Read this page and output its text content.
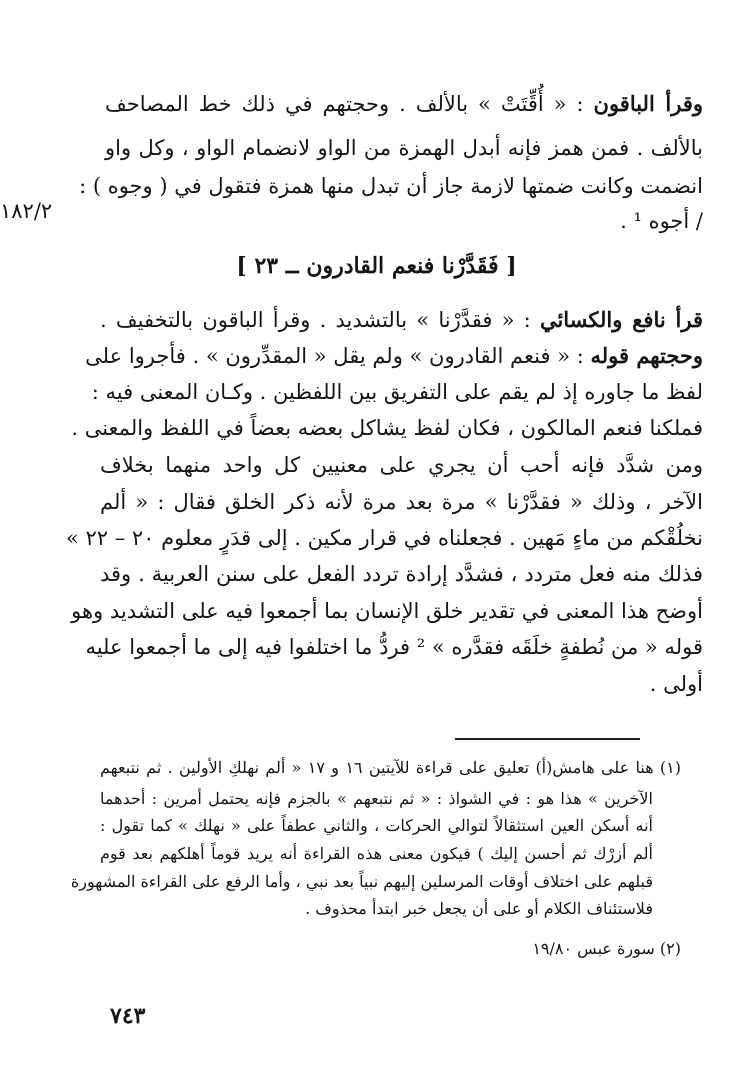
وقرأ الباقون : « أُقِّتَتْ » بالألف . وحجتهم في ذلك خط المصاحف
بالألف . فمن همز فإنه أبدل الهمزة من الواو لانضمام الواو ، وكل واو
انضمت وكانت ضمتها لازمة جاز أن تبدل منها همزة فتقول في ( وجوه ) :
/ أجوه ¹ .
١٨٢/٢
[ فَقَدَّرْنا فنعم القادرون ــ ٢٣ ]
قرأ نافع والكسائي : « فقدَّرْنا » بالتشديد . وقرأ الباقون بالتخفيف .
وحجتهم قوله : « فنعم القادرون » ولم يقل « المقدِّرون » . فأجروا على
لفظ ما جاوره إذ لم يقم على التفريق بين اللفظين . وكـان المعنى فيه :
فملكنا فنعم المالكون ، فكان لفظ يشاكل بعضه بعضاً في اللفظ والمعنى .
ومن شدَّد فإنه أحب أن يجري على معنيين كل واحد منهما بخلاف
الآخر ، وذلك « فقدَّرْنا » مرة بعد مرة لأنه ذكر الخلق فقال : « ألم
نخلُقْكم من ماءٍ مَهين . فجعلناه في قرار مكين . إلى قدَرٍ معلوم ٢٠ – ٢٢ »
فذلك منه فعل متردد ، فشدَّد إرادة تردد الفعل على سنن العربية . وقد
أوضح هذا المعنى في تقدير خلق الإنسان بما أجمعوا فيه على التشديد وهو
قوله « من نُطفةٍ خلَقَه فقدَّره » ² فردُّ ما اختلفوا فيه إلى ما أجمعوا عليه
أولى .
(١) هنا على هامش(أ) تعليق على قراءة للآيتين ١٦ و ١٧ « ألم نهلكِ الأولين . ثم نتبعهم
الآخرين » هذا هو : في الشواذ : « ثم نتبعهم » بالجزم فإنه يحتمل أمرين : أحدهما
أنه أسكن العين استثقالاً لتوالي الحركات ، والثاني عطفاً على « نهلك » كما تقول :
ألم أزرْك ثم أحسن إليك ) فيكون معنى هذه القراءة أنه يريد قوماً أهلكهم بعد قوم
قبلهم على اختلاف أوقات المرسلين إليهم نبياً بعد نبي ، وأما الرفع على القراءة المشهورة
فلاستئناف الكلام أو على أن يجعل خبر ابتدأ محذوف .
(٢) سورة عبس ١٩/٨٠
٧٤٣
